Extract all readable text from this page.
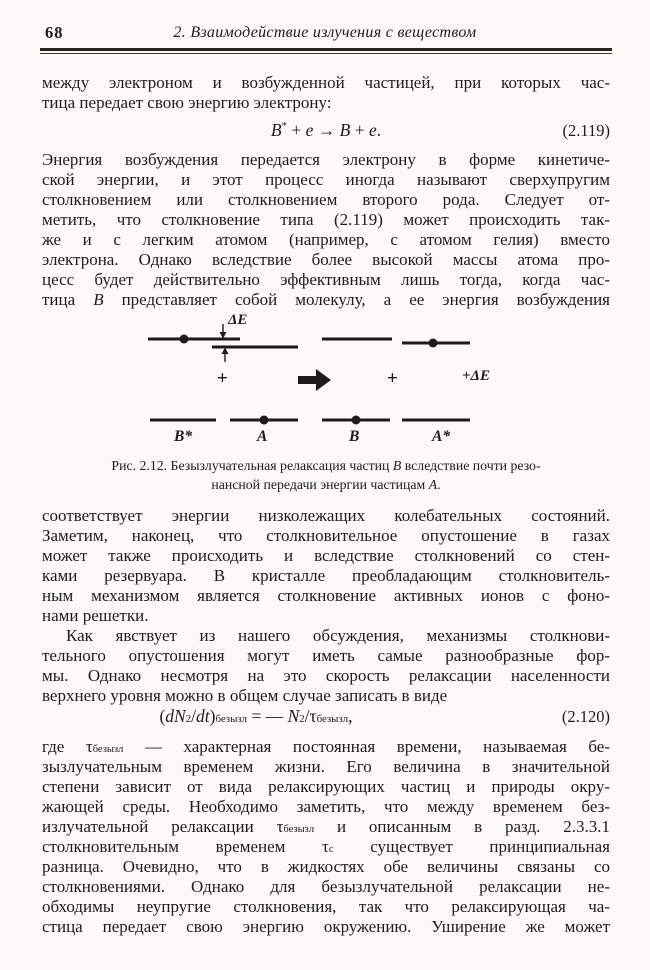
68	2. Взаимодействие излучения с веществом
между электроном и возбужденной частицей, при которых час-
тица передает свою энергию электрону:
B* + e → B + e.	(2.119)
Энергия возбуждения передается электрону в форме кинетиче-
ской энергии, и этот процесс иногда называют сверхупругим
столкновением или столкновением второго рода. Следует от-
метить, что столкновение типа (2.119) может происходить так-
же и с легким атомом (например, с атомом гелия) вместо
электрона. Однако вследствие более высокой массы атома про-
цесс будет действительно эффективным лишь тогда, когда час-
тица B представляет собой молекулу, а ее энергия возбуждения
ΔE
+	+	+ΔE
B*	A	B	A*
Рис. 2.12. Безызлучательная релаксация частиц B вследствие почти резо-
нансной передачи энергии частицам A.
соответствует энергии низколежащих колебательных состояний.
Заметим, наконец, что столкновительное опустошение в газах
может также происходить и вследствие столкновений со стен-
ками резервуара. В кристалле преобладающим столкновитель-
ным механизмом является столкновение активных ионов с фоно-
нами решетки.
Как явствует из нашего обсуждения, механизмы столкнови-
тельного опустошения могут иметь самые разнообразные фор-
мы. Однако несмотря на это скорость релаксации населенности
верхнего уровня можно в общем случае записать в виде
$(dN_2/dt)_{безызл}$ = — $N_2/\tau_{безызл}$,	(2.120)
где $\tau_{безызл}$ — характерная постоянная времени, называемая бе-
зызлучательным временем жизни. Его величина в значительной
степени зависит от вида релаксирующих частиц и природы окру-
жающей среды. Необходимо заметить, что между временем без-
излучательной релаксации $\tau_{безызл}$ и описанным в разд. 2.3.3.1
столкновительным временем $\tau_c$ существует принципиальная
разница. Очевидно, что в жидкостях обе величины связаны со
столкновениями. Однако для безызлучательной релаксации не-
обходимы неупругие столкновения, так что релаксирующая ча-
стица передает свою энергию окружению. Уширение же может
